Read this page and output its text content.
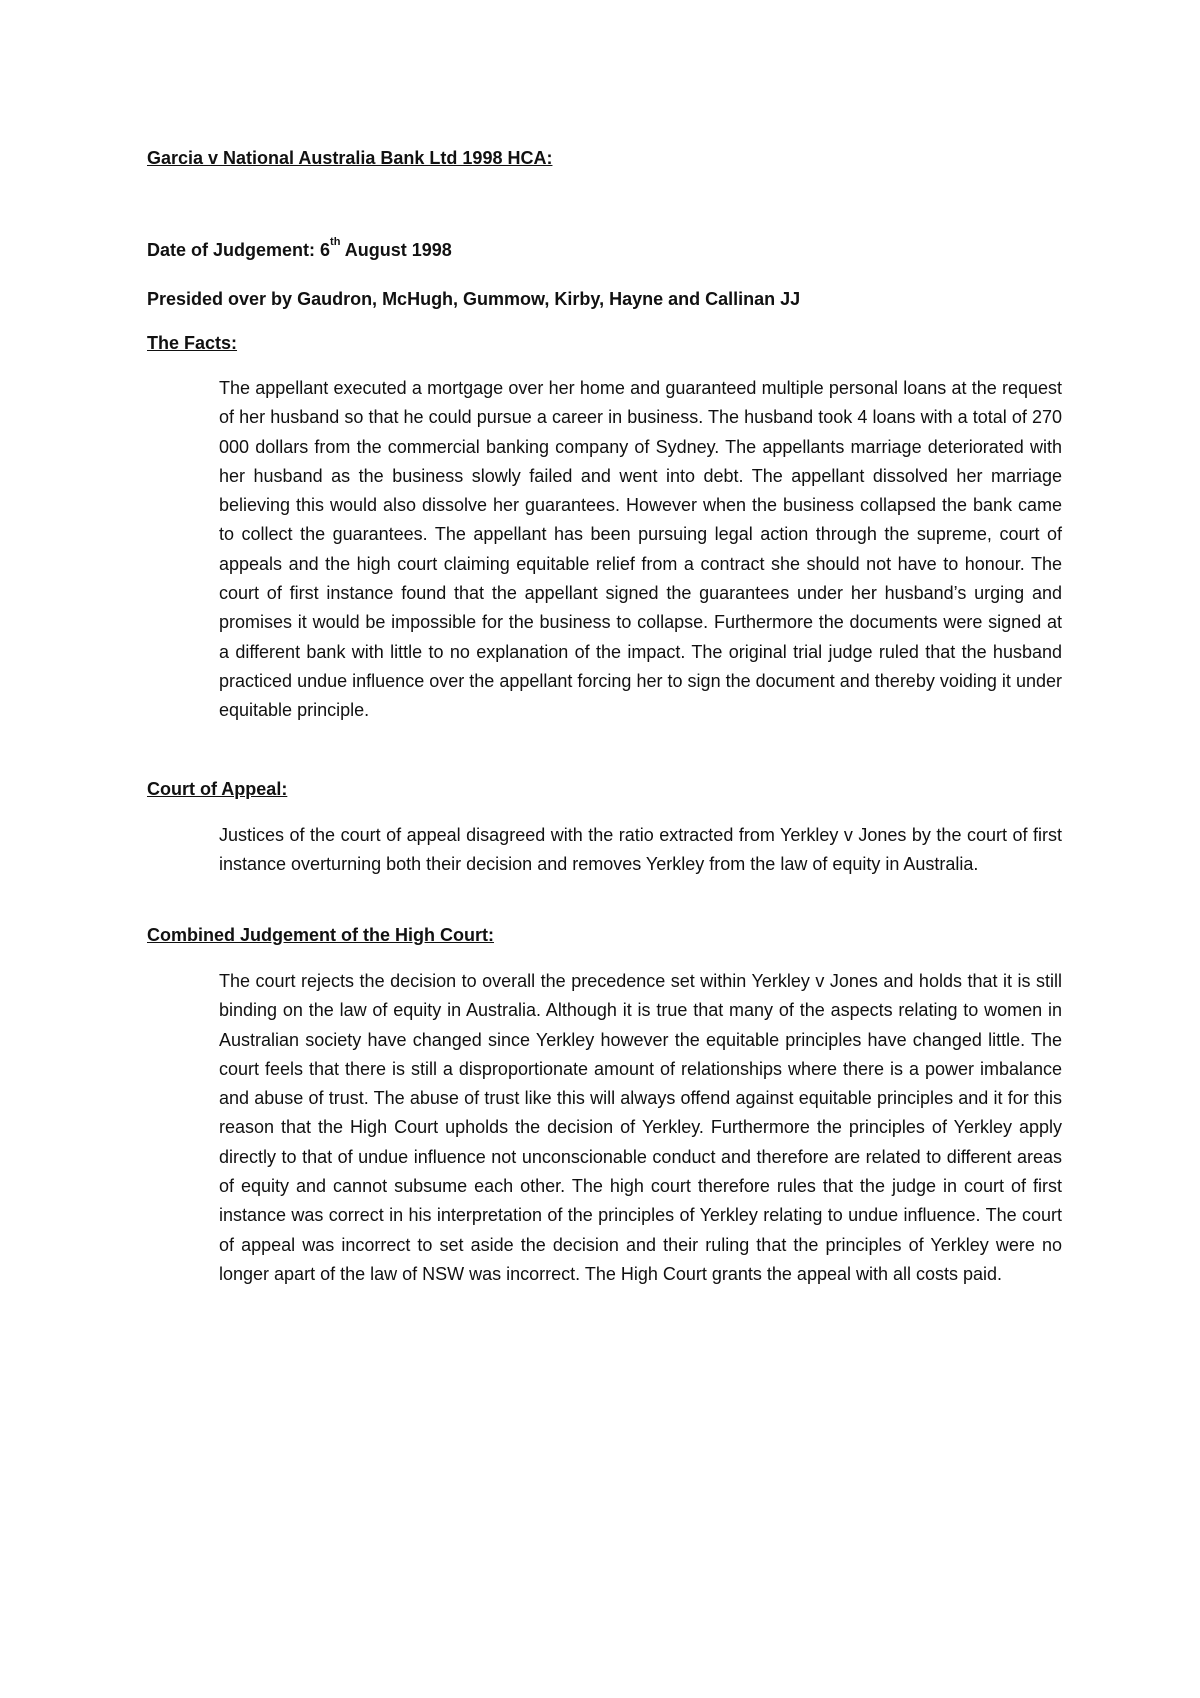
Garcia v National Australia Bank Ltd 1998 HCA:

Date of Judgement: 6th August 1998

Presided over by Gaudron, McHugh, Gummow, Kirby, Hayne and Callinan JJ

The Facts:

The appellant executed a mortgage over her home and guaranteed multiple personal loans at the request of her husband so that he could pursue a career in business. The husband took 4 loans with a total of 270 000 dollars from the commercial banking company of Sydney. The appellants marriage deteriorated with her husband as the business slowly failed and went into debt. The appellant dissolved her marriage believing this would also dissolve her guarantees. However when the business collapsed the bank came to collect the guarantees. The appellant has been pursuing legal action through the supreme, court of appeals and the high court claiming equitable relief from a contract she should not have to honour. The court of first instance found that the appellant signed the guarantees under her husband’s urging and promises it would be impossible for the business to collapse. Furthermore the documents were signed at a different bank with little to no explanation of the impact. The original trial judge ruled that the husband practiced undue influence over the appellant forcing her to sign the document and thereby voiding it under equitable principle.

Court of Appeal:

Justices of the court of appeal disagreed with the ratio extracted from Yerkley v Jones by the court of first instance overturning both their decision and removes Yerkley from the law of equity in Australia.

Combined Judgement of the High Court:

The court rejects the decision to overall the precedence set within Yerkley v Jones and holds that it is still binding on the law of equity in Australia. Although it is true that many of the aspects relating to women in Australian society have changed since Yerkley however the equitable principles have changed little. The court feels that there is still a disproportionate amount of relationships where there is a power imbalance and abuse of trust. The abuse of trust like this will always offend against equitable principles and it for this reason that the High Court upholds the decision of Yerkley. Furthermore the principles of Yerkley apply directly to that of undue influence not unconscionable conduct and therefore are related to different areas of equity and cannot subsume each other. The high court therefore rules that the judge in court of first instance was correct in his interpretation of the principles of Yerkley relating to undue influence. The court of appeal was incorrect to set aside the decision and their ruling that the principles of Yerkley were no longer apart of the law of NSW was incorrect. The High Court grants the appeal with all costs paid.
